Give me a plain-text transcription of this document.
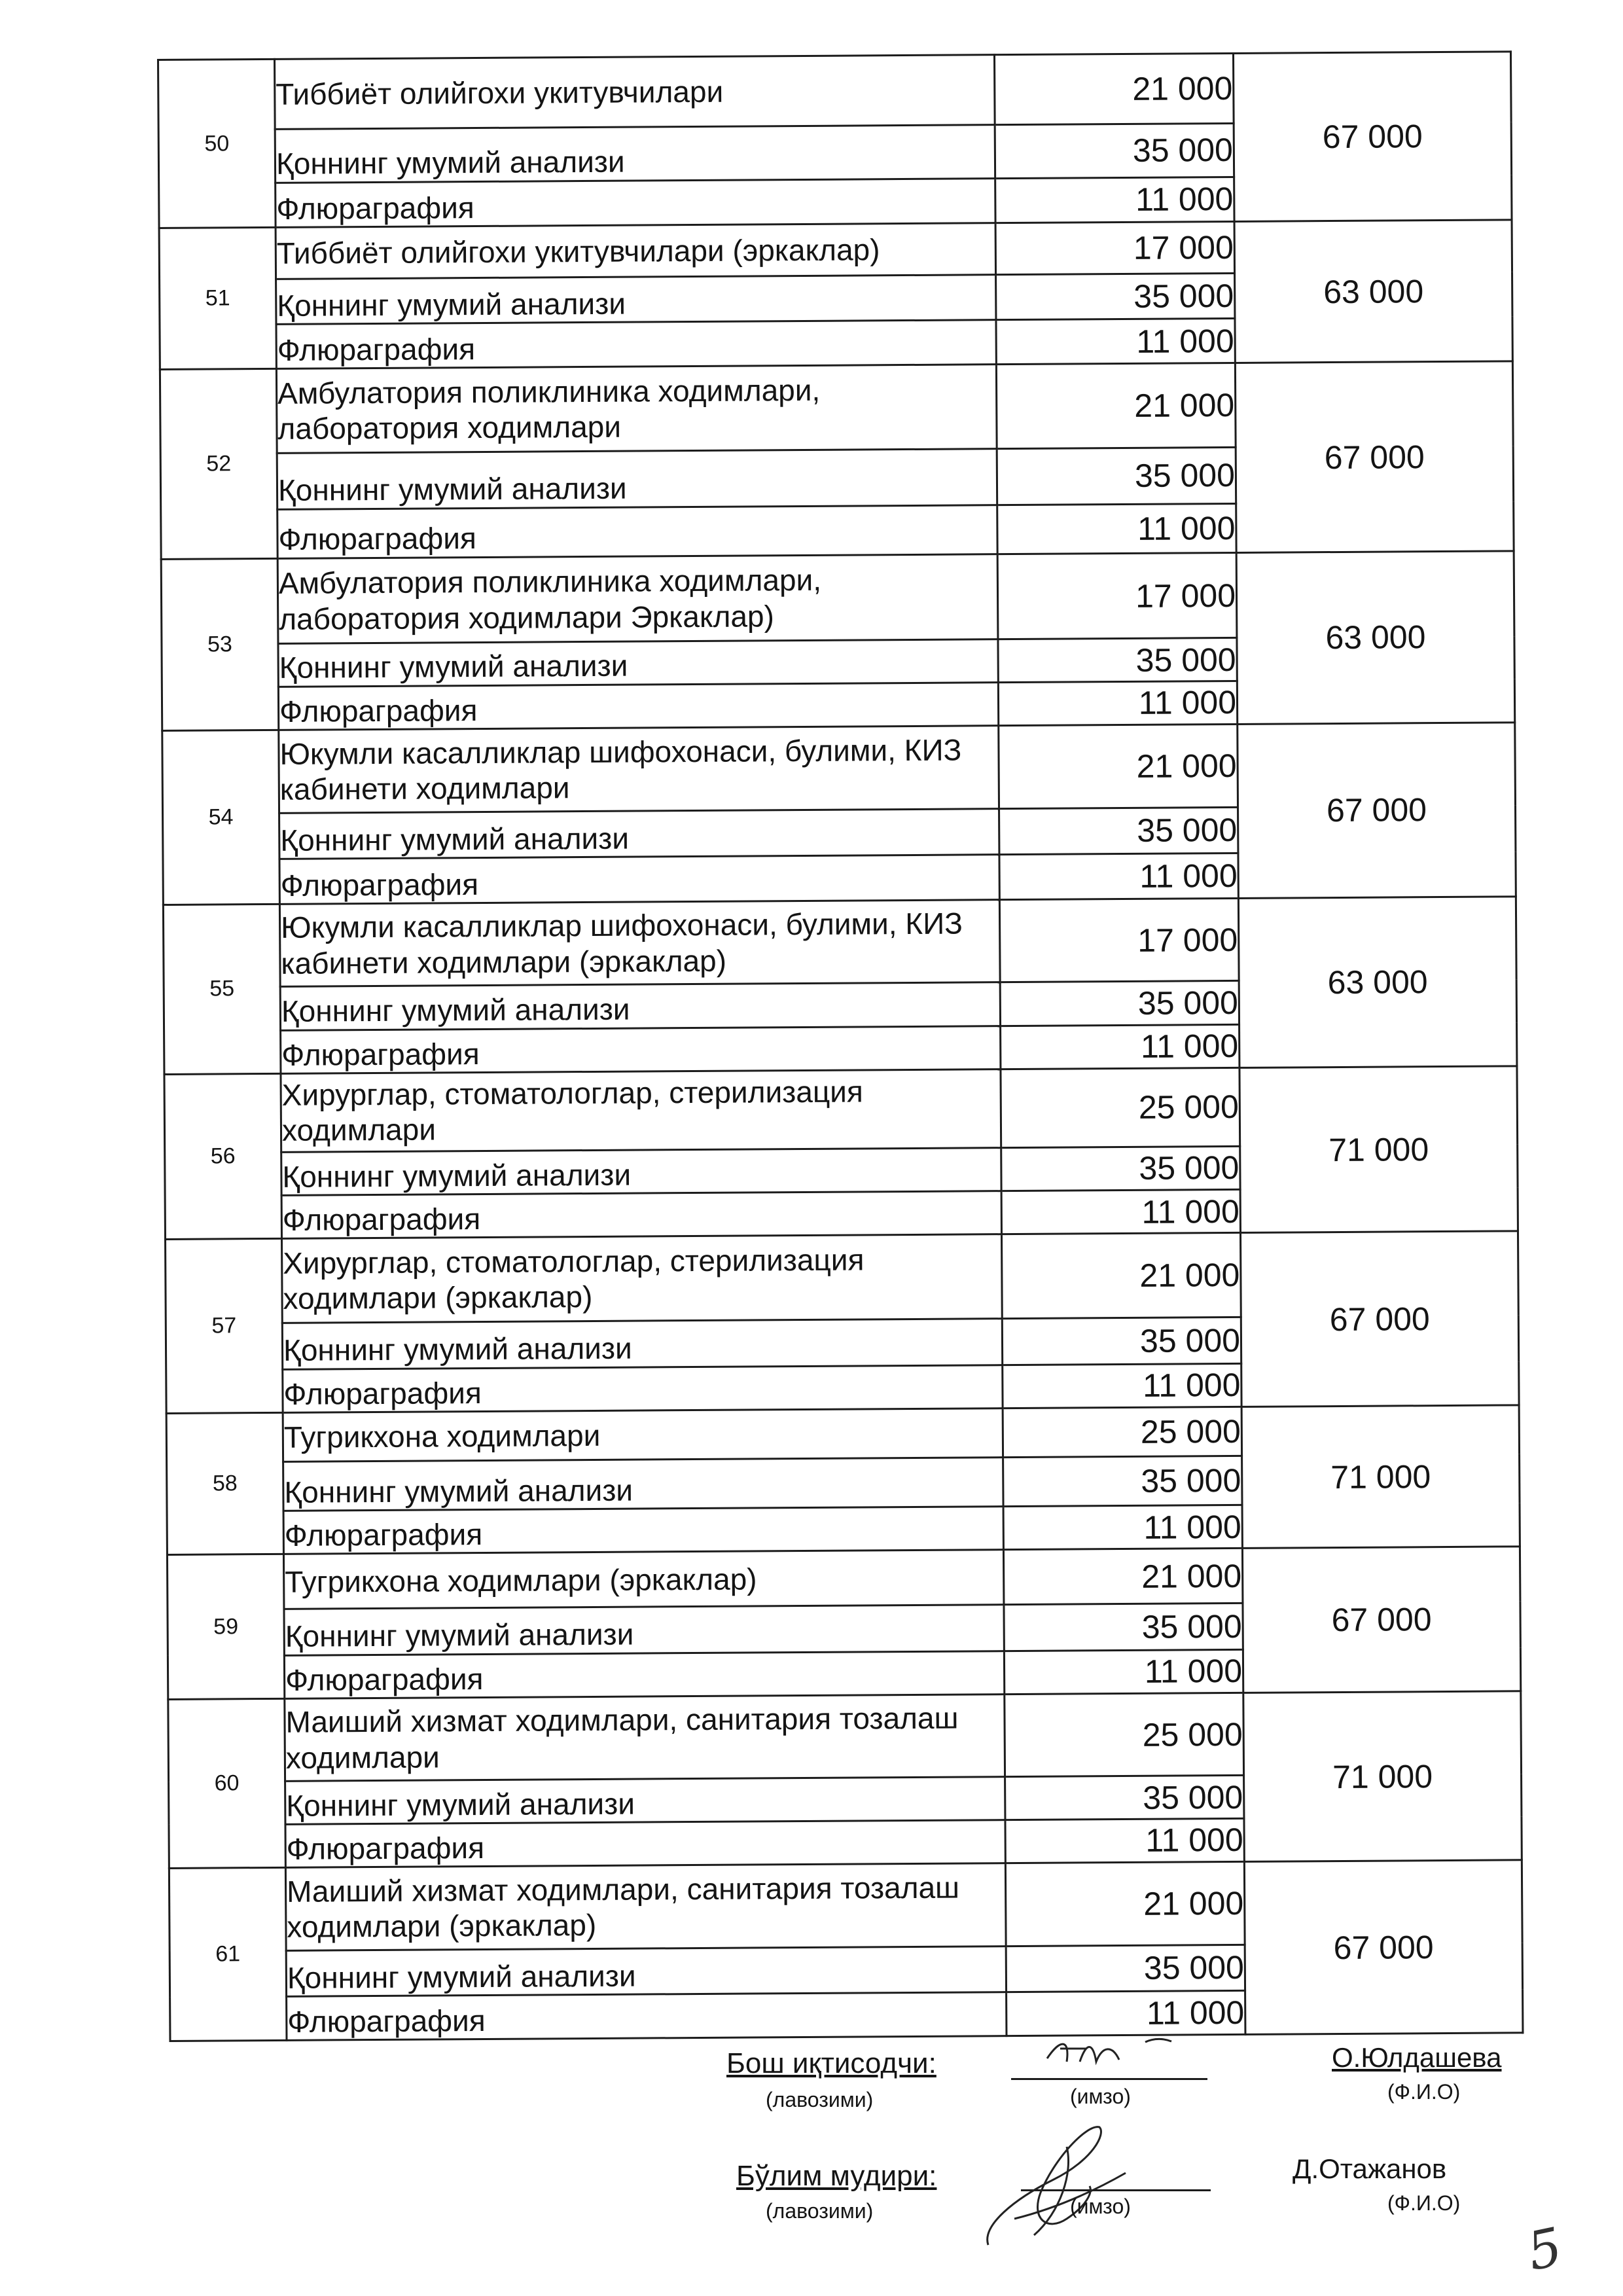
50	Тиббиёт олийгохи укитувчилари	21 000	67 000
	Қоннинг умумий анализи	35 000	
	Флюраграфия	11 000	
51	Тиббиёт олийгохи укитувчилари (эркаклар)	17 000	63 000
	Қоннинг умумий анализи	35 000	
	Флюраграфия	11 000	
52	Амбулатория поликлиника ходимлари, лаборатория ходимлари	21 000	67 000
	Қоннинг умумий анализи	35 000	
	Флюраграфия	11 000	
53	Амбулатория поликлиника ходимлари, лаборатория ходимлари Эркаклар)	17 000	63 000
	Қоннинг умумий анализи	35 000	
	Флюраграфия	11 000	
54	Юкумли касалликлар шифохонаси, булими, КИЗ кабинети ходимлари	21 000	67 000
	Қоннинг умумий анализи	35 000	
	Флюраграфия	11 000	
55	Юкумли касалликлар шифохонаси, булими, КИЗ кабинети ходимлари (эркаклар)	17 000	63 000
	Қоннинг умумий анализи	35 000	
	Флюраграфия	11 000	
56	Хирурглар, стоматологлар, стерилизация ходимлари	25 000	71 000
	Қоннинг умумий анализи	35 000	
	Флюраграфия	11 000	
57	Хирурглар, стоматологлар, стерилизация ходимлари (эркаклар)	21 000	67 000
	Қоннинг умумий анализи	35 000	
	Флюраграфия	11 000	
58	Тугрикхона ходимлари	25 000	71 000
	Қоннинг умумий анализи	35 000	
	Флюраграфия	11 000	
59	Тугрикхона ходимлари (эркаклар)	21 000	67 000
	Қоннинг умумий анализи	35 000	
	Флюраграфия	11 000	
60	Маиший хизмат ходимлари, санитария тозалаш ходимлари	25 000	71 000
	Қоннинг умумий анализи	35 000	
	Флюраграфия	11 000	
61	Маиший хизмат ходимлари, санитария тозалаш ходимлари (эркаклар)	21 000	67 000
	Қоннинг умумий анализи	35 000	
	Флюраграфия	11 000	
Бош иқтисодчи:
(лавозими)	(имзо)
О.Юлдашева
(Ф.И.О)
Бўлим мудири:
(лавозими)	(имзо)
Д.Отажанов
(Ф.И.О)
5
